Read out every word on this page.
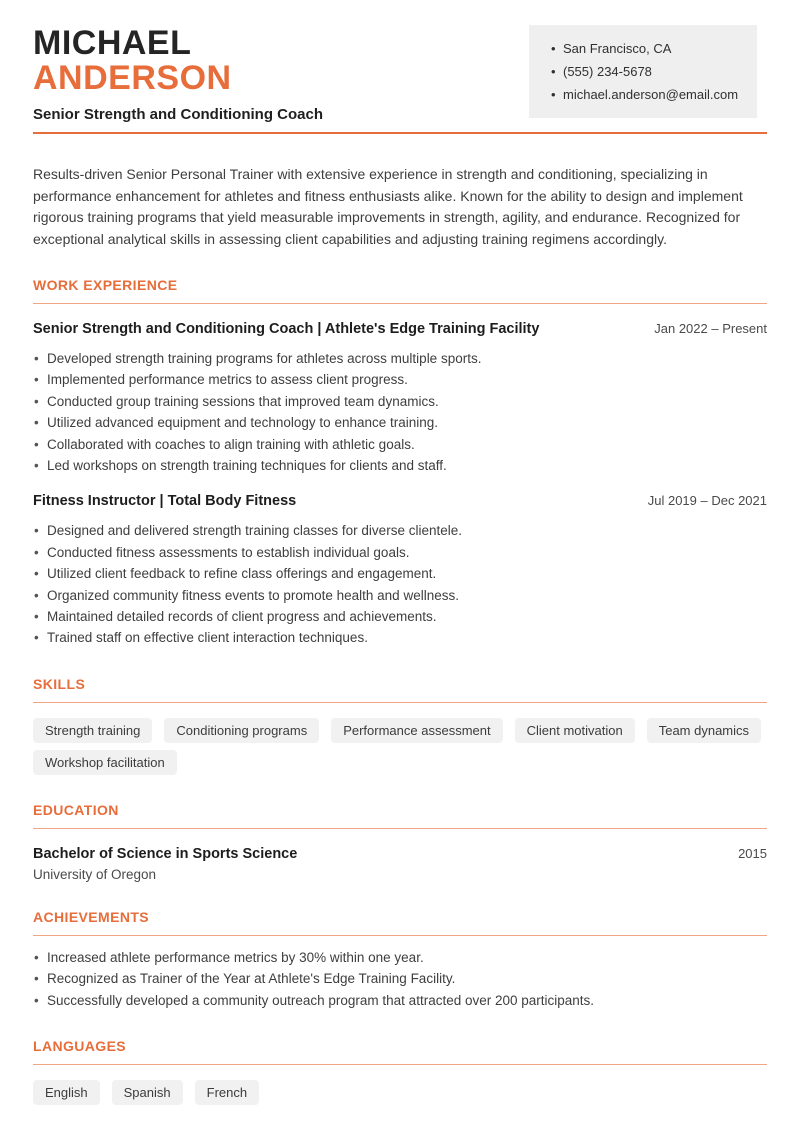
MICHAEL
ANDERSON
Senior Strength and Conditioning Coach
• San Francisco, CA
• (555) 234-5678
• michael.anderson@email.com

Results-driven Senior Personal Trainer with extensive experience in strength and conditioning, specializing in performance enhancement for athletes and fitness enthusiasts alike. Known for the ability to design and implement rigorous training programs that yield measurable improvements in strength, agility, and endurance. Recognized for exceptional analytical skills in assessing client capabilities and adjusting training regimens accordingly.

WORK EXPERIENCE
Senior Strength and Conditioning Coach | Athlete's Edge Training Facility	Jan 2022 – Present
• Developed strength training programs for athletes across multiple sports.
• Implemented performance metrics to assess client progress.
• Conducted group training sessions that improved team dynamics.
• Utilized advanced equipment and technology to enhance training.
• Collaborated with coaches to align training with athletic goals.
• Led workshops on strength training techniques for clients and staff.
Fitness Instructor | Total Body Fitness	Jul 2019 – Dec 2021
• Designed and delivered strength training classes for diverse clientele.
• Conducted fitness assessments to establish individual goals.
• Utilized client feedback to refine class offerings and engagement.
• Organized community fitness events to promote health and wellness.
• Maintained detailed records of client progress and achievements.
• Trained staff on effective client interaction techniques.
SKILLS
Strength training	Conditioning programs	Performance assessment	Client motivation	Team dynamics
Workshop facilitation
EDUCATION
Bachelor of Science in Sports Science	2015
University of Oregon
ACHIEVEMENTS
• Increased athlete performance metrics by 30% within one year.
• Recognized as Trainer of the Year at Athlete's Edge Training Facility.
• Successfully developed a community outreach program that attracted over 200 participants.
LANGUAGES
English	Spanish	French
